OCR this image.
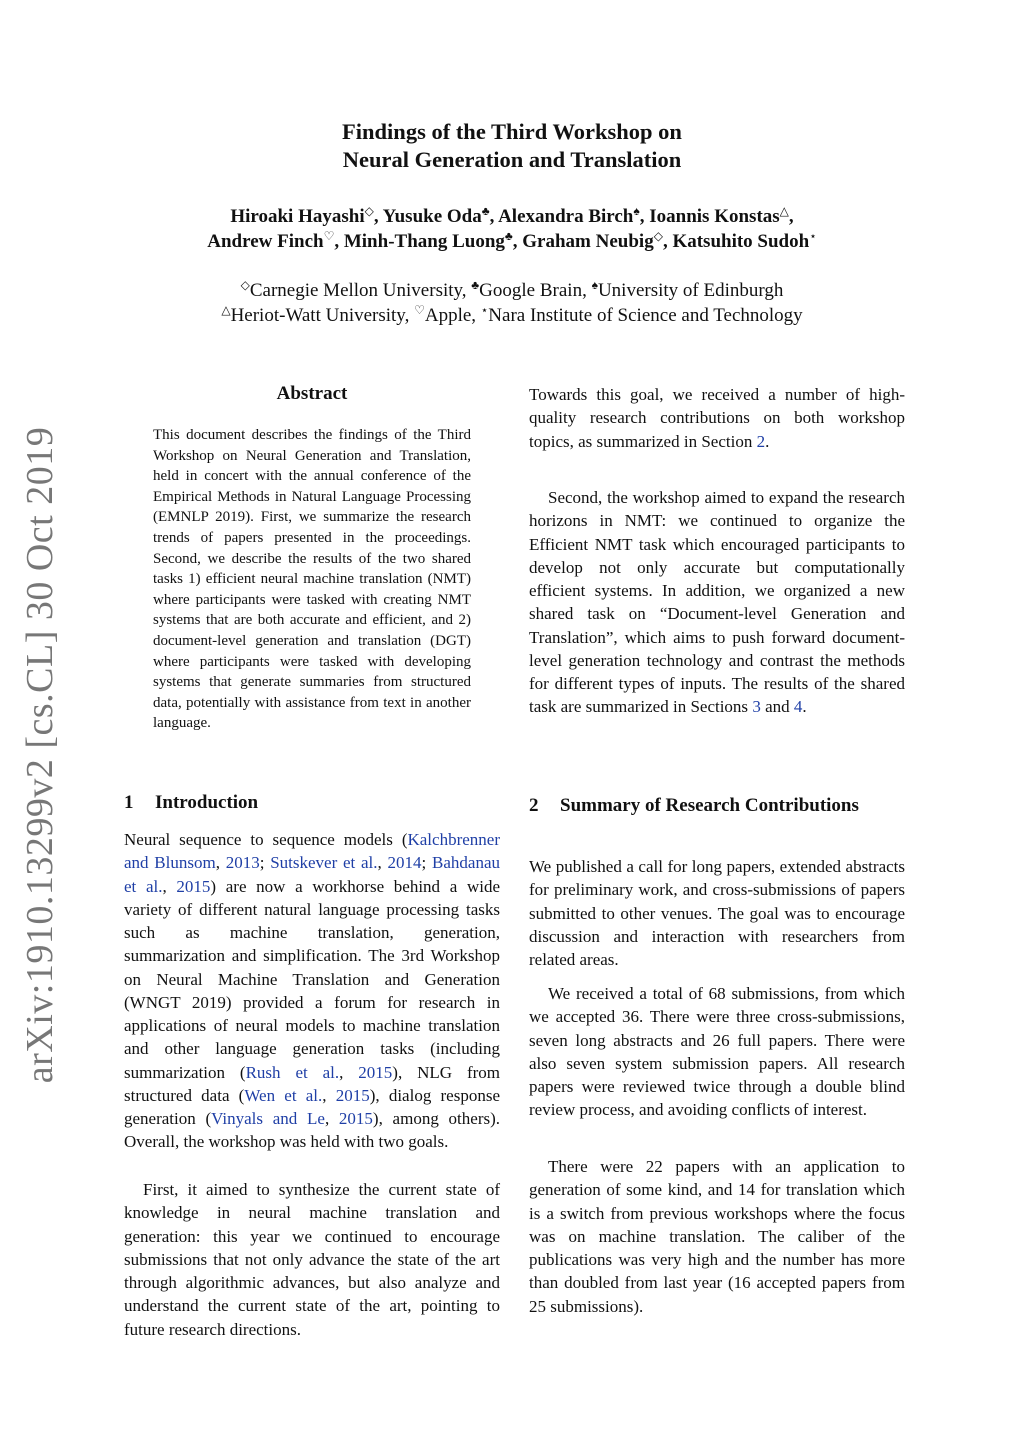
arXiv:1910.13299v2 [cs.CL] 30 Oct 2019
Findings of the Third Workshop on
Neural Generation and Translation
Hiroaki Hayashi◇, Yusuke Oda♣, Alexandra Birch♠, Ioannis Konstas△,
Andrew Finch♡, Minh-Thang Luong♣, Graham Neubig◇, Katsuhito Sudoh⋆
◇Carnegie Mellon University, ♣Google Brain, ♠University of Edinburgh
△Heriot-Watt University, ♡Apple, ⋆Nara Institute of Science and Technology
Abstract

This document describes the findings of the Third Workshop on Neural Generation and Translation, held in concert with the annual conference of the Empirical Methods in Natural Language Processing (EMNLP 2019). First, we summarize the research trends of papers presented in the proceedings. Second, we describe the results of the two shared tasks 1) efficient neural machine translation (NMT) where participants were tasked with creating NMT systems that are both accurate and efficient, and 2) document-level generation and translation (DGT) where participants were tasked with developing systems that generate summaries from structured data, potentially with assistance from text in another language.

1 Introduction

Neural sequence to sequence models (Kalchbrenner and Blunsom, 2013; Sutskever et al., 2014; Bahdanau et al., 2015) are now a workhorse behind a wide variety of different natural language processing tasks such as machine translation, generation, summarization and simplification. The 3rd Workshop on Neural Machine Translation and Generation (WNGT 2019) provided a forum for research in applications of neural models to machine translation and other language generation tasks (including summarization (Rush et al., 2015), NLG from structured data (Wen et al., 2015), dialog response generation (Vinyals and Le, 2015), among others). Overall, the workshop was held with two goals.

First, it aimed to synthesize the current state of knowledge in neural machine translation and generation: this year we continued to encourage submissions that not only advance the state of the art through algorithmic advances, but also analyze and understand the current state of the art, pointing to future research directions.

Towards this goal, we received a number of high-quality research contributions on both workshop topics, as summarized in Section 2.

Second, the workshop aimed to expand the research horizons in NMT: we continued to organize the Efficient NMT task which encouraged participants to develop not only accurate but computationally efficient systems. In addition, we organized a new shared task on “Document-level Generation and Translation”, which aims to push forward document-level generation technology and contrast the methods for different types of inputs. The results of the shared task are summarized in Sections 3 and 4.

2 Summary of Research Contributions

We published a call for long papers, extended abstracts for preliminary work, and cross-submissions of papers submitted to other venues. The goal was to encourage discussion and interaction with researchers from related areas.

We received a total of 68 submissions, from which we accepted 36. There were three cross-submissions, seven long abstracts and 26 full papers. There were also seven system submission papers. All research papers were reviewed twice through a double blind review process, and avoiding conflicts of interest.

There were 22 papers with an application to generation of some kind, and 14 for translation which is a switch from previous workshops where the focus was on machine translation. The caliber of the publications was very high and the number has more than doubled from last year (16 accepted papers from 25 submissions).
